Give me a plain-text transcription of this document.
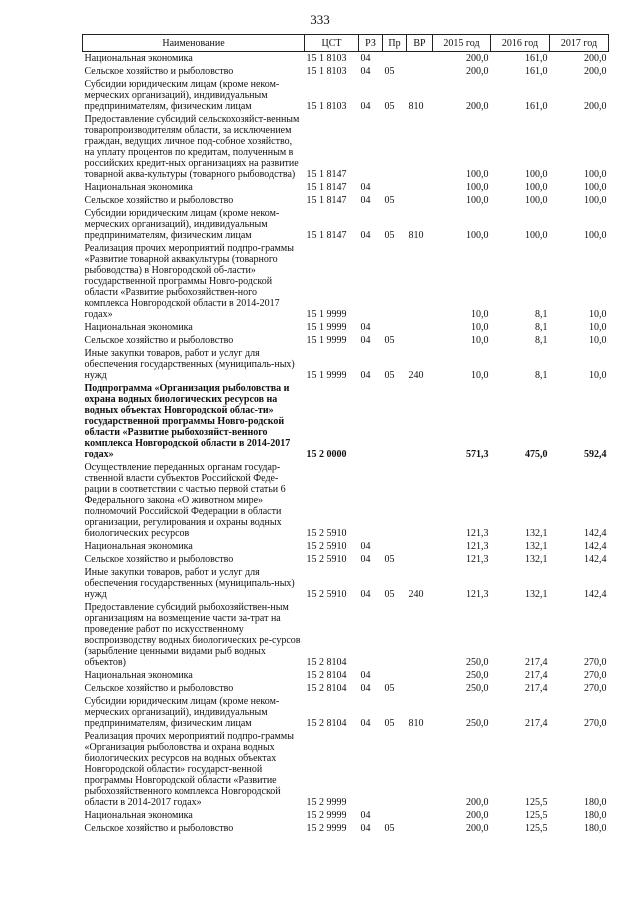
333
Наименование	ЦСТ	РЗ	Пр	ВР	2015 год	2016 год	2017 год
Национальная экономика	15 1 8103	04			200,0	161,0	200,0
Сельское хозяйство и рыболовство	15 1 8103	04	05		200,0	161,0	200,0
Субсидии юридическим лицам (кроме неком-мерческих организаций), индивидуальным предпринимателям, физическим лицам	15 1 8103	04	05	810	200,0	161,0	200,0
Предоставление субсидий сельскохозяйст-венным товаропроизводителям области, за исключением граждан, ведущих личное под-собное хозяйство, на уплату процентов по кредитам, полученным в российских кредит-ных организациях на развитие товарной аква-культуры (товарного рыбоводства)	15 1 8147				100,0	100,0	100,0
Национальная экономика	15 1 8147	04			100,0	100,0	100,0
Сельское хозяйство и рыболовство	15 1 8147	04	05		100,0	100,0	100,0
Субсидии юридическим лицам (кроме неком-мерческих организаций), индивидуальным предпринимателям, физическим лицам	15 1 8147	04	05	810	100,0	100,0	100,0
Реализация прочих мероприятий подпро-граммы «Развитие товарной аквакультуры (товарного рыбоводства) в Новгородской об-ласти» государственной программы Новго-родской области «Развитие рыбохозяйствен-ного комплекса Новгородской области в 2014-2017 годах»	15 1 9999				10,0	8,1	10,0
Национальная экономика	15 1 9999	04			10,0	8,1	10,0
Сельское хозяйство и рыболовство	15 1 9999	04	05		10,0	8,1	10,0
Иные закупки товаров, работ и услуг для обеспечения государственных (муниципаль-ных) нужд	15 1 9999	04	05	240	10,0	8,1	10,0
Подпрограмма «Организация рыболовства и охрана водных биологических ресурсов на водных объектах Новгородской облас-ти» государственной программы Новго-родской области «Развитие рыбохозяйст-венного комплекса Новгородской области в 2014-2017 годах»	15 2 0000				571,3	475,0	592,4
Осуществление переданных органам государ-ственной власти субъектов Российской Феде-рации в соответствии с частью первой статьи 6 Федерального закона «О животном мире» полномочий Российской Федерации в области организации, регулирования и охраны водных биологических ресурсов	15 2 5910				121,3	132,1	142,4
Национальная экономика	15 2 5910	04			121,3	132,1	142,4
Сельское хозяйство и рыболовство	15 2 5910	04	05		121,3	132,1	142,4
Иные закупки товаров, работ и услуг для обеспечения государственных (муниципаль-ных) нужд	15 2 5910	04	05	240	121,3	132,1	142,4
Предоставление субсидий рыбохозяйствен-ным организациям на возмещение части за-трат на проведение работ по искусственному воспроизводству водных биологических ре-сурсов (зарыбление ценными видами рыб водных объектов)	15 2 8104				250,0	217,4	270,0
Национальная экономика	15 2 8104	04			250,0	217,4	270,0
Сельское хозяйство и рыболовство	15 2 8104	04	05		250,0	217,4	270,0
Субсидии юридическим лицам (кроме неком-мерческих организаций), индивидуальным предпринимателям, физическим лицам	15 2 8104	04	05	810	250,0	217,4	270,0
Реализация прочих мероприятий подпро-граммы «Организация рыболовства и охрана водных биологических ресурсов на водных объектах Новгородской области» государст-венной программы Новгородской области «Развитие рыбохозяйственного комплекса Новгородской области в 2014-2017 годах»	15 2 9999				200,0	125,5	180,0
Национальная экономика	15 2 9999	04			200,0	125,5	180,0
Сельское хозяйство и рыболовство	15 2 9999	04	05		200,0	125,5	180,0
